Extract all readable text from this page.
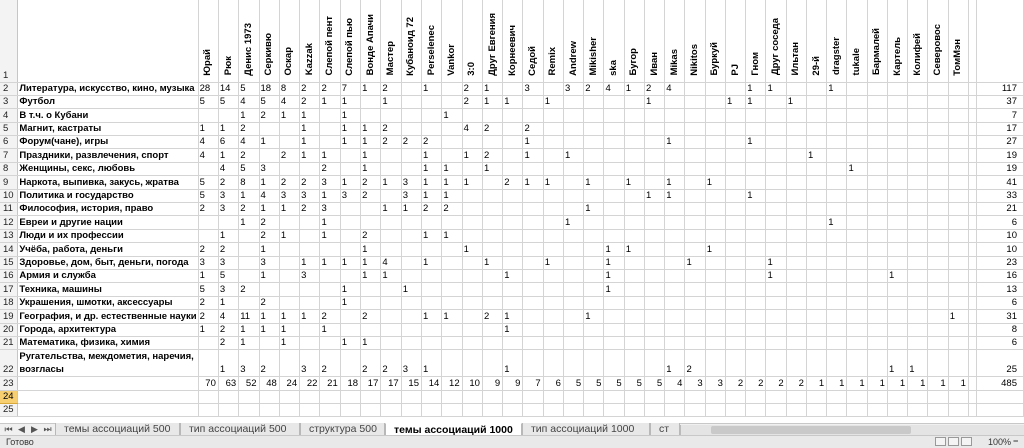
1		Юрай	Рюк	Денис 1973	Серкивю	Оскар	Kazzak	Слепой пент	Слепой пью	Вонде Апачи	Мастер	Кубаноид 72	Perselenec	Vankor	3:0	Друг Евгения	Корнеевич	Седой	Remix	Andrew	Mikisher	ska	Бугор	Иван	Mikas	Nikitos	Буркуй	PJ	Гном	Друг соседа	Ильтан	29-й	dragster	tukale	Бармалей	Картель	Колифей	Северовос	ТомМэн		
2	Литература, искусство, кино, музыка	28	14	5	18	8	2	2	7	1	2		1		2	1		3		3	2	4	1	2	4				1	1			1								117
3	Футбол	5	5	4	5	4	2	1	1		1				2	1	1		1					1				1	1		1										37
4	В т.ч. о Кубани			1	2	1	1		1					1																											7
5	Магнит, кастраты	1	1	2			1		1	1	2				4	2		2																							17
6	Форум(чане), игры	4	6	4	1		1		1	1	2	2	2					1							1				1												27
7	Праздники, развлечения, спорт	4	1	2		2	1	1		1			1		1	2		1		1												1									19
8	Женщины, секс, любовь		4	5	3			2		1			1	1		1																		1							19
9	Наркота, выпивка, закусь, жратва	5	2	8	1	2	2	3	1	2	1	3	1	1	1		2	1	1		1		1		1		1														41
10	Политика и государство	5	3	1	4	3	3	1	3	2		3	1	1										1	1				1												33
11	Философия, история, право	2	3	2	1	1	2	3			1	1	2	2							1																				21
12	Евреи и другие нации			1	2			1												1													1								6
13	Люди и их профессии		1		2	1		1		2			1	1																											10
14	Учёба, работа, деньги	2	2		1					1					1							1	1				1														10
15	Здоровье, дом, быт, деньги, погода	3	3		3		1	1	1	1	4		1			1			1			1				1				1											23
16	Армия и служба	1	5		1		3			1	1						1					1								1						1					16
17	Техника, машины	5	3	2					1			1										1																			13
18	Украшения, шмотки, аксессуары	2	1		2				1																																6
19	География, и др. естественные науки	2	4	11	1	1	1	2		2			1	1		2	1				1																		1		31
20	Города, архитектура	1	2	1	1	1		1									1																								8
21	Математика, физика, химия		2	1		1			1	1																															6
22	Ругательства, междометия, наречия, возгласы		1	3	2		3	2		2	2	3	1				1								1	2										1	1				25
23		70	63	52	48	24	22	21	18	17	17	15	14	12	10	9	9	7	6	5	5	5	5	5	4	3	3	2	2	2	2	1	1	1	1	1	1	1	1		485
24																																									
25																																									
⏮ ◀ ▶ ⏭	темы ассоциаций 500	тип ассоциаций 500	структура 500	темы ассоциаций 1000	тип ассоциаций 1000	ст
Готово	100% −
